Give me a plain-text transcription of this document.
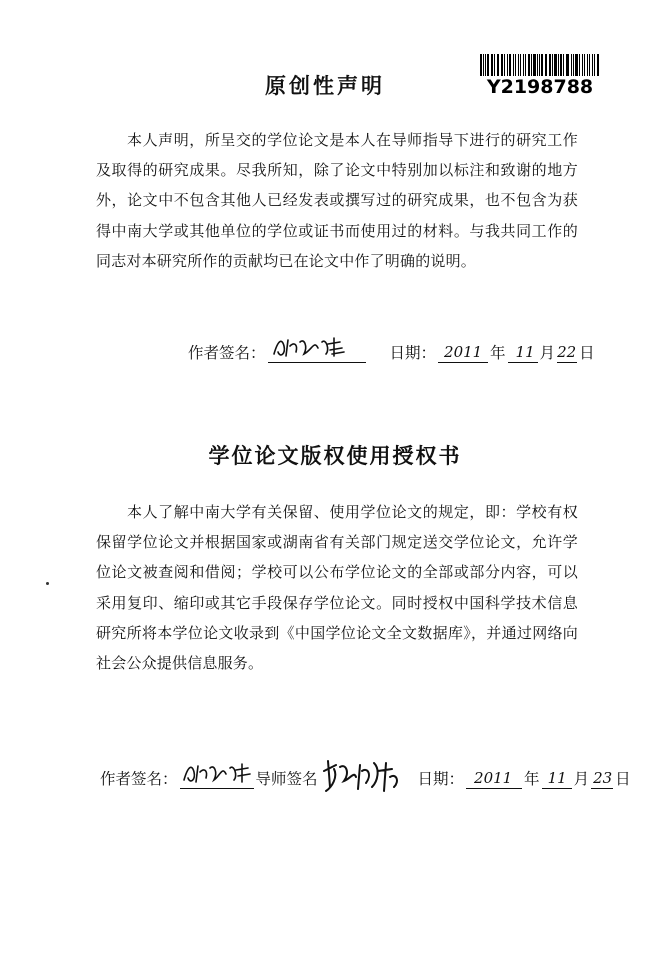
Y2198788
原创性声明

本人声明，所呈交的学位论文是本人在导师指导下进行的研究工作及取得的研究成果。尽我所知，除了论文中特别加以标注和致谢的地方外，论文中不包含其他人已经发表或撰写过的研究成果，也不包含为获得中南大学或其他单位的学位或证书而使用过的材料。与我共同工作的同志对本研究所作的贡献均已在论文中作了明确的说明。

作者签名：	日期： 2011 年 11 月 22 日
学位论文版权使用授权书

本人了解中南大学有关保留、使用学位论文的规定，即：学校有权保留学位论文并根据国家或湖南省有关部门规定送交学位论文，允许学位论文被查阅和借阅；学校可以公布学位论文的全部或部分内容，可以采用复印、缩印或其它手段保存学位论文。同时授权中国科学技术信息研究所将本学位论文收录到《中国学位论文全文数据库》，并通过网络向社会公众提供信息服务。

作者签名：	导师签名	日期： 2011 年 11 月 23 日
